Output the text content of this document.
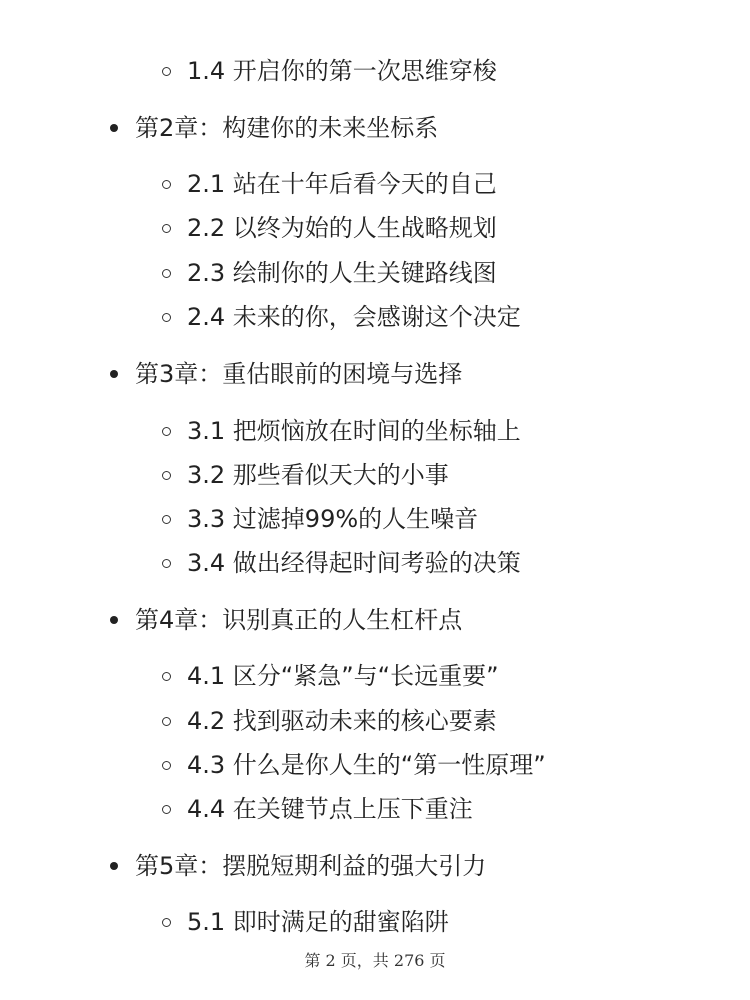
1.4 开启你的第一次思维穿梭
第2章：构建你的未来坐标系
2.1 站在十年后看今天的自己
2.2 以终为始的人生战略规划
2.3 绘制你的人生关键路线图
2.4 未来的你，会感谢这个决定
第3章：重估眼前的困境与选择
3.1 把烦恼放在时间的坐标轴上
3.2 那些看似天大的小事
3.3 过滤掉99%的人生噪音
3.4 做出经得起时间考验的决策
第4章：识别真正的人生杠杆点
4.1 区分“紧急”与“长远重要”
4.2 找到驱动未来的核心要素
4.3 什么是你人生的“第一性原理”
4.4 在关键节点上压下重注
第5章：摆脱短期利益的强大引力
5.1 即时满足的甜蜜陷阱
第 2 页，共 276 页
